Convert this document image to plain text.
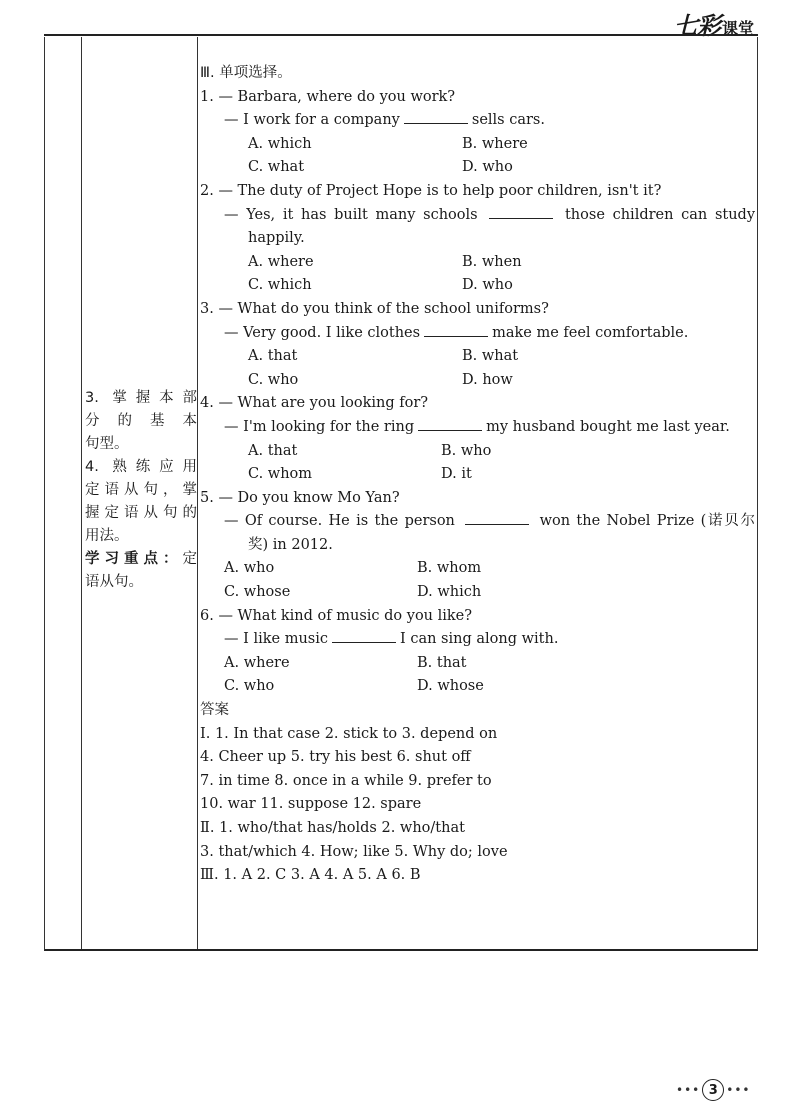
七彩 课堂
3. 掌握本部
分 的 基 本
句型。
4. 熟练应用
定语从句，掌
握定语从句的
用法。
学习重点：定
语从句。
Ⅲ. 单项选择。
1. — Barbara, where do you work?
— I work for a company	sells cars.
A. which	B. where
C. what	D. who
2. — The duty of Project Hope is to help poor children, isn't it?
— Yes, it has built many schools	those children can study
happily.
A. where	B. when
C. which	D. who
3. — What do you think of the school uniforms?
— Very good. I like clothes	make me feel comfortable.
A. that	B. what
C. who	D. how
4. — What are you looking for?
— I'm looking for the ring	my husband bought me last year.
A. that	B. who
C. whom	D. it
5. — Do you know Mo Yan?
— Of course. He is the person	won the Nobel Prize (诺贝尔
奖) in 2012.
A. who	B. whom
C. whose	D. which
6. — What kind of music do you like?
— I like music	I can sing along with.
A. where	B. that
C. who	D. whose
答案
Ⅰ. 1. In that case 2. stick to 3. depend on
4. Cheer up 5. try his best 6. shut off
7. in time 8. once in a while 9. prefer to
10. war 11. suppose 12. spare
Ⅱ. 1. who/that has/holds 2. who/that
3. that/which 4. How; like 5. Why do; love
Ⅲ. 1. A 2. C 3. A 4. A 5. A 6. B
••• 3 •••
